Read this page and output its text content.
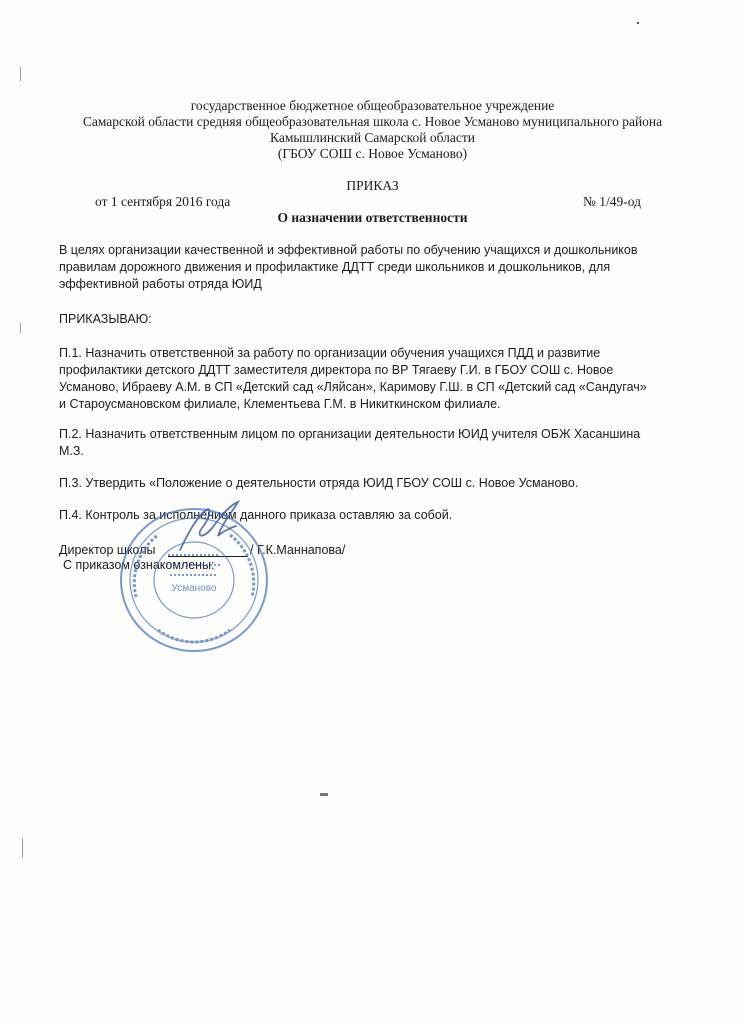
государственное бюджетное общеобразовательное учреждение
Самарской области средняя общеобразовательная школа с. Новое Усманово муниципального района
Камышлинский Самарской области
(ГБОУ СОШ с. Новое Усманово)
ПРИКАЗ
от 1 сентября 2016 года	№ 1/49-од
О назначении ответственности
В целях организации качественной и эффективной работы по обучению учащихся и дошкольников
правилам дорожного движения и профилактике ДДТТ среди школьников и дошкольников, для
эффективной работы отряда ЮИД
ПРИКАЗЫВАЮ:
П.1. Назначить ответственной за работу по организации обучения учащихся ПДД и развитие
профилактики детского ДДТТ заместителя директора по ВР Тягаеву Г.И. в ГБОУ СОШ с. Новое
Усманово, Ибраеву А.М. в СП «Детский сад «Ляйсан», Каримову Г.Ш. в СП «Детский сад «Сандугач»
и Староусмановском филиале, Клементьева Г.М. в Никиткинском филиале.
П.2. Назначить ответственным лицом по организации деятельности ЮИД учителя ОБЖ Хасаншина
М.З.
П.3. Утвердить «Положение о деятельности отряда ЮИД ГБОУ СОШ с. Новое Усманово.
П.4. Контроль за исполнением данного приказа оставляю за собой.
Директор школы	/ Г.К.Маннапова/
С приказом ознакомлены:
Усманово
